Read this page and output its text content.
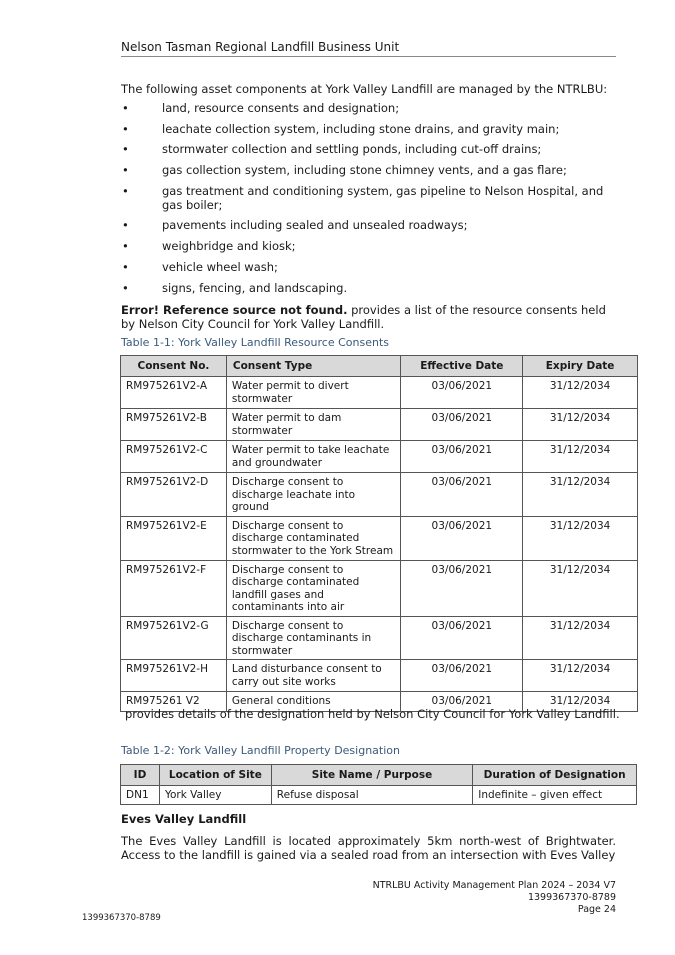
Nelson Tasman Regional Landfill Business Unit
The following asset components at York Valley Landfill are managed by the NTRLBU:
•	land, resource consents and designation;
•	leachate collection system, including stone drains, and gravity main;
•	stormwater collection and settling ponds, including cut-off drains;
•	gas collection system, including stone chimney vents, and a gas flare;
•	gas treatment and conditioning system, gas pipeline to Nelson Hospital, and gas boiler;
•	pavements including sealed and unsealed roadways;
•	weighbridge and kiosk;
•	vehicle wheel wash;
•	signs, fencing, and landscaping.
Error! Reference source not found. provides a list of the resource consents held by Nelson City Council for York Valley Landfill.
Table 1-1: York Valley Landfill Resource Consents
Consent No.	Consent Type	Effective Date	Expiry Date
RM975261V2-A	Water permit to divert stormwater	03/06/2021	31/12/2034
RM975261V2-B	Water permit to dam stormwater	03/06/2021	31/12/2034
RM975261V2-C	Water permit to take leachate and groundwater	03/06/2021	31/12/2034
RM975261V2-D	Discharge consent to discharge leachate into ground	03/06/2021	31/12/2034
RM975261V2-E	Discharge consent to discharge contaminated stormwater to the York Stream	03/06/2021	31/12/2034
RM975261V2-F	Discharge consent to discharge contaminated landfill gases and contaminants into air	03/06/2021	31/12/2034
RM975261V2-G	Discharge consent to discharge contaminants in stormwater	03/06/2021	31/12/2034
RM975261V2-H	Land disturbance consent to carry out site works	03/06/2021	31/12/2034
RM975261 V2	General conditions	03/06/2021	31/12/2034
provides details of the designation held by Nelson City Council for York Valley Landfill.
Table 1-2: York Valley Landfill Property Designation
ID	Location of Site	Site Name / Purpose	Duration of Designation
DN1	York Valley	Refuse disposal	Indefinite – given effect
Eves Valley Landfill
The Eves Valley Landfill is located approximately 5km north-west of Brightwater. Access to the landfill is gained via a sealed road from an intersection with Eves Valley
NTRLBU Activity Management Plan 2024 – 2034 V7
1399367370-8789
Page 24
1399367370-8789
